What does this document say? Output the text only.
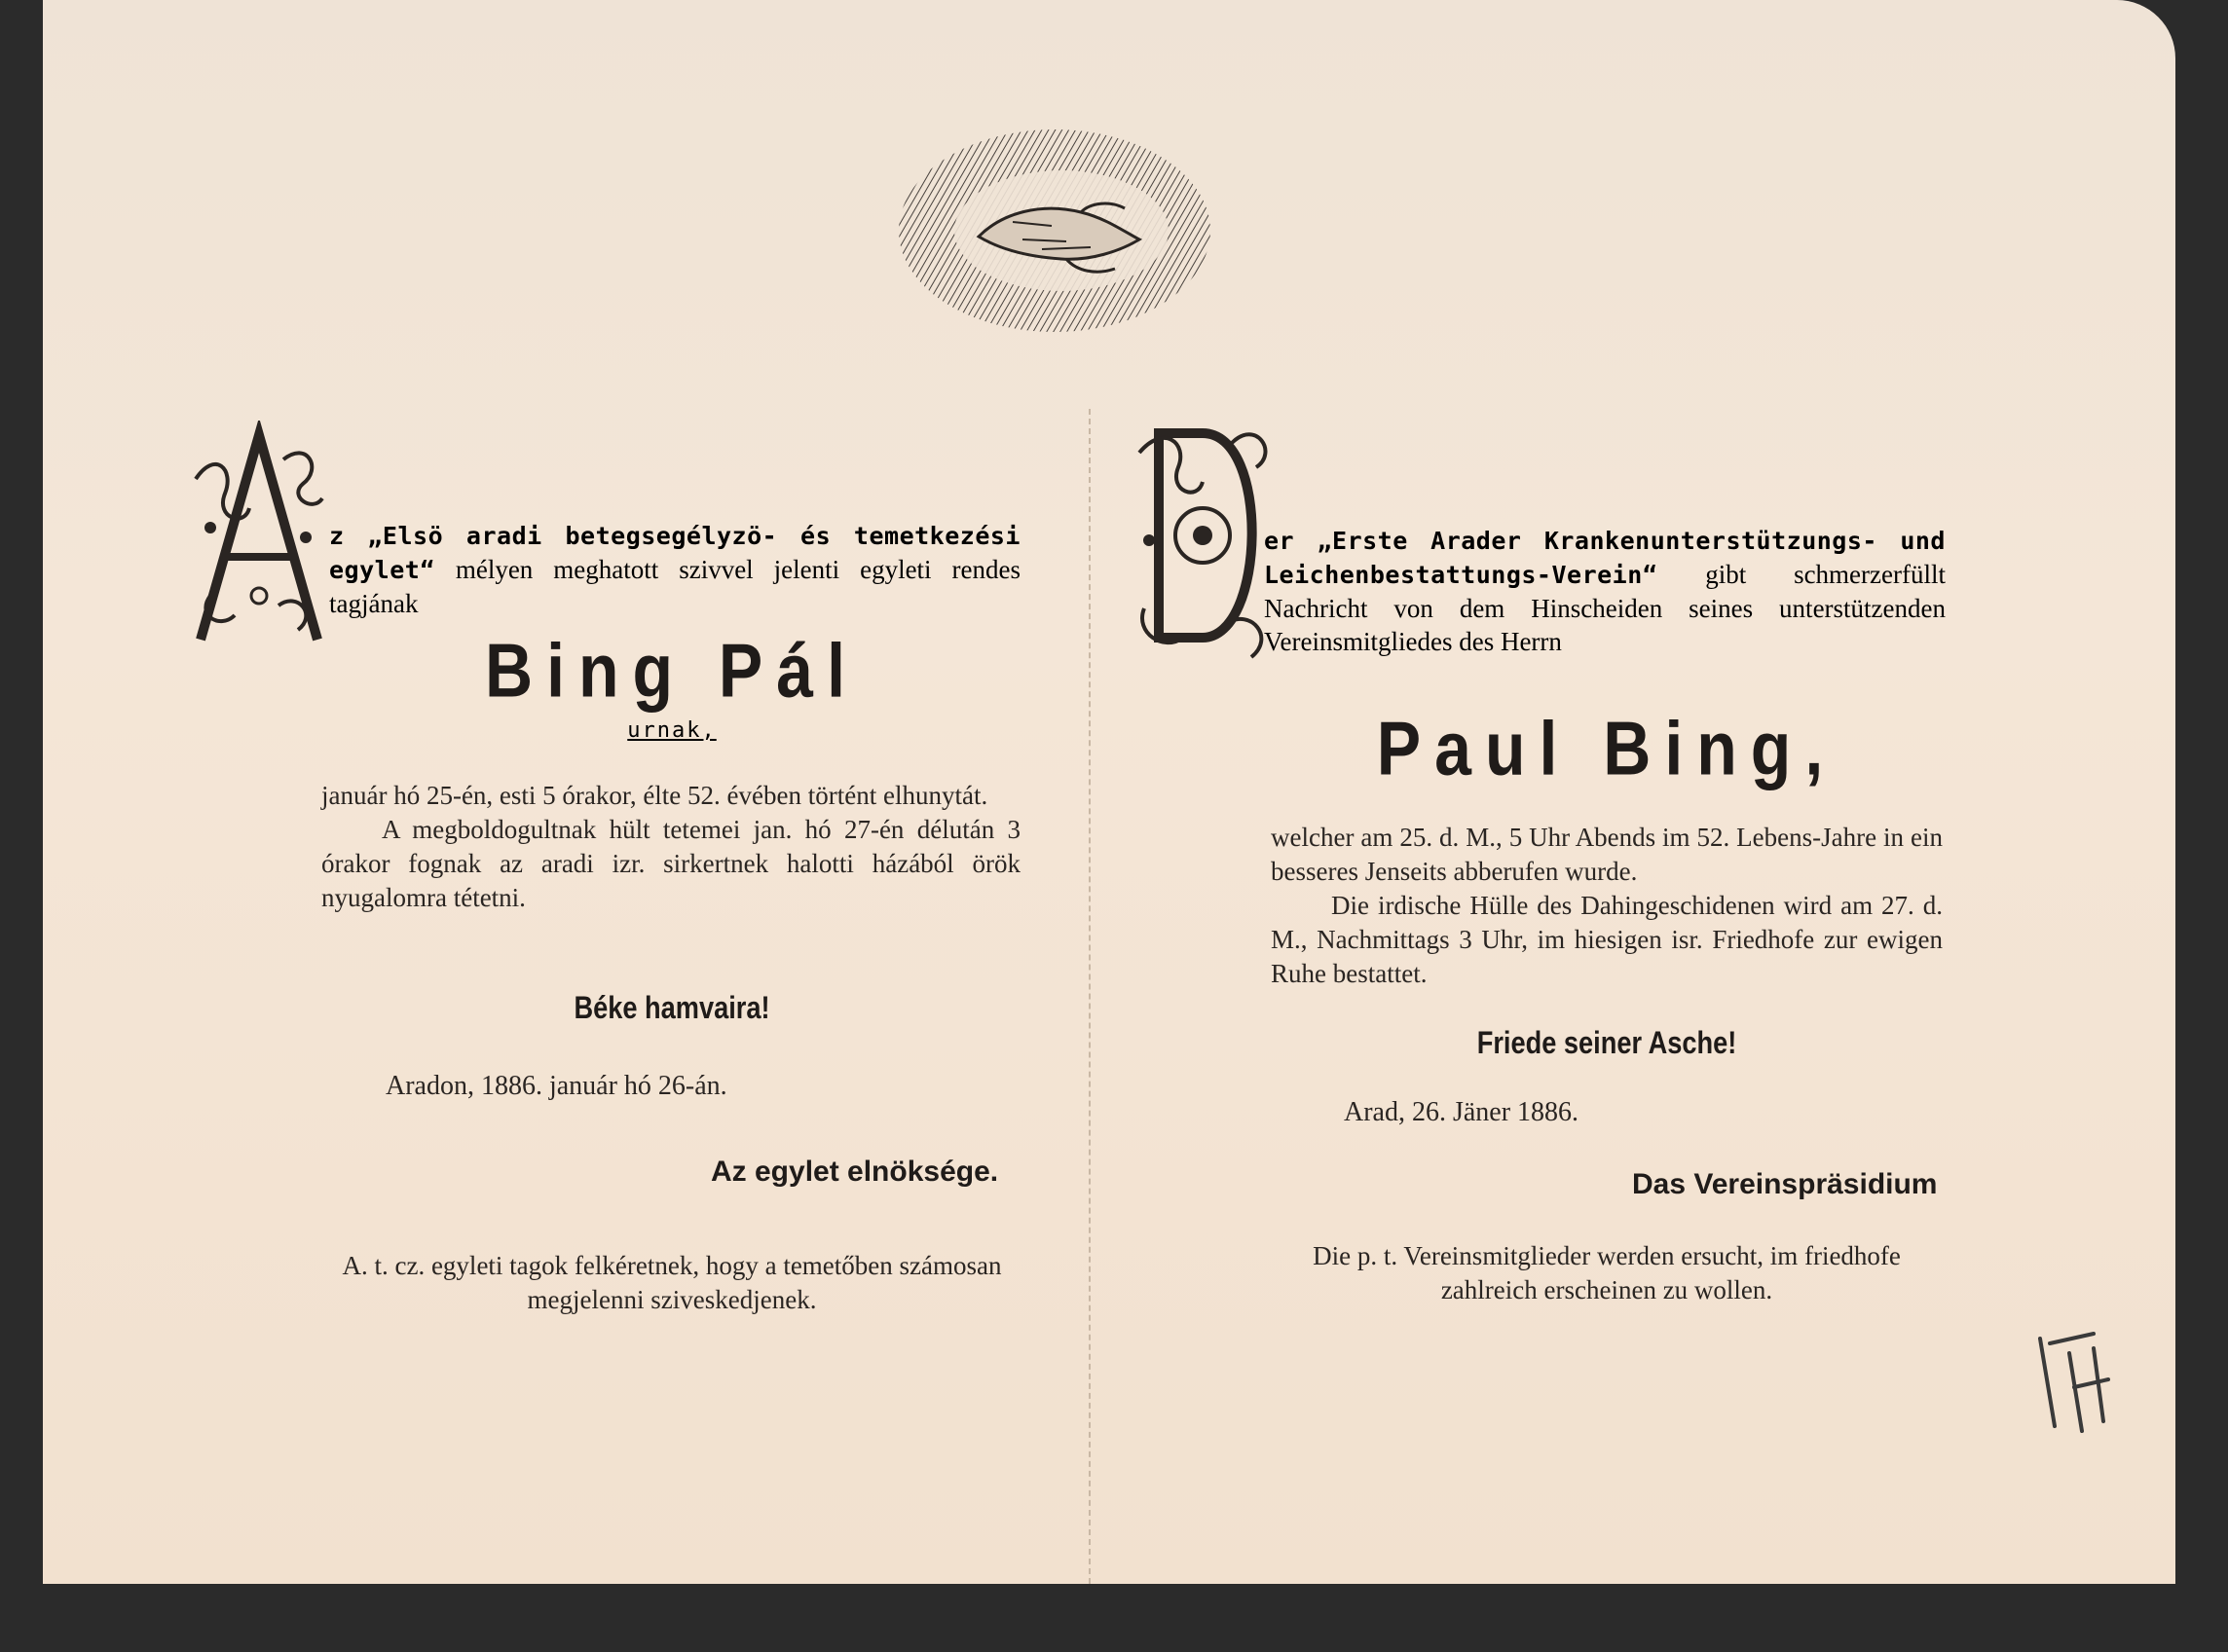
z „Elsö aradi betegsegélyzö- és temetkezési egylet“ mélyen meghatott szivvel jelenti egyleti rendes tagjának
Bing Pál
urnak,

január hó 25-én, esti 5 órakor, élte 52. évében történt elhunytát.

A megboldogultnak hült tetemei jan. hó 27-én délután 3 órakor fognak az aradi izr. sirkertnek halotti házából örök nyugalomra tétetni.

Béke hamvaira!
Aradon, 1886. január hó 26-án.
Az egylet elnöksége.
A. t. cz. egyleti tagok felkéretnek, hogy a temetőben számosan megjelenni sziveskedjenek.
er „Erste Arader Krankenunterstützungs- und Leichenbestattungs-Verein“ gibt schmerzerfüllt Nachricht von dem Hinscheiden seines unterstützenden Vereinsmitgliedes des Herrn
Paul Bing,

welcher am 25. d. M., 5 Uhr Abends im 52. Lebens-Jahre in ein besseres Jenseits abberufen wurde.

Die irdische Hülle des Dahingeschidenen wird am 27. d. M., Nachmittags 3 Uhr, im hiesigen isr. Friedhofe zur ewigen Ruhe bestattet.

Friede seiner Asche!
Arad, 26. Jäner 1886.
Das Vereinspräsidium
Die p. t. Vereinsmitglieder werden ersucht, im friedhofe zahlreich erscheinen zu wollen.
